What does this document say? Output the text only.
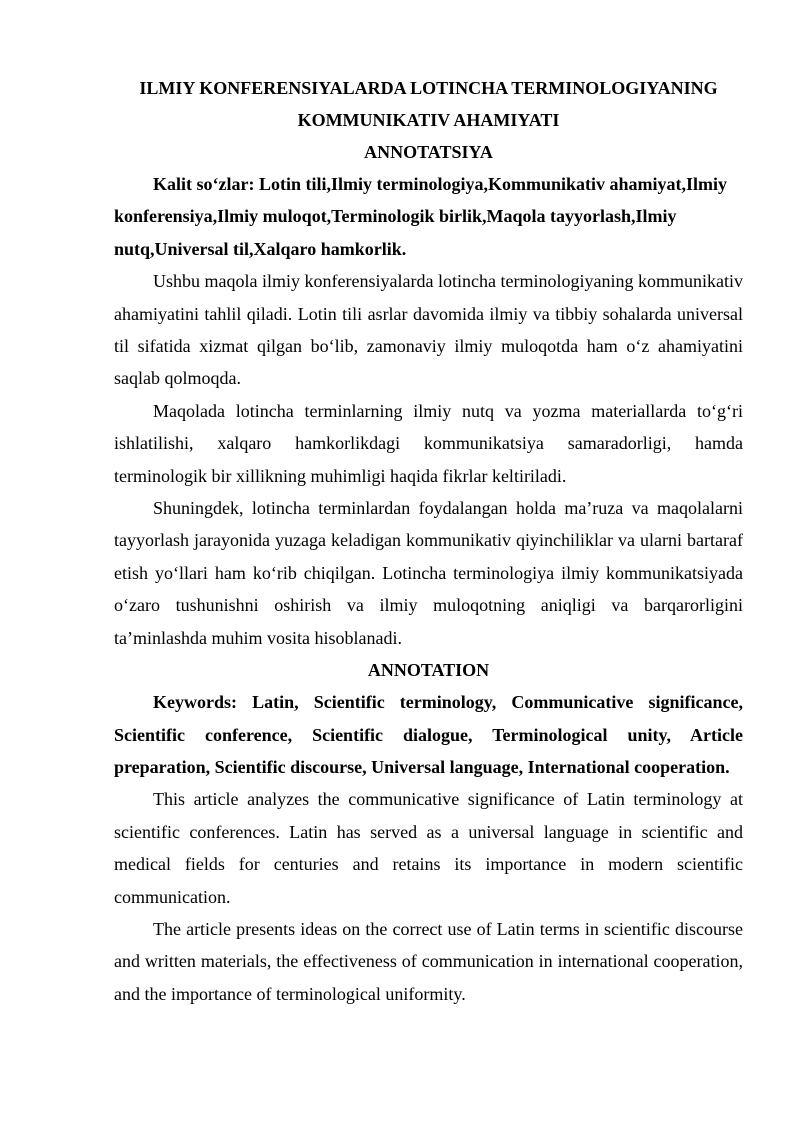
ILMIY KONFERENSIYALARDA LOTINCHA TERMINOLOGIYANING

KOMMUNIKATIV AHAMIYATI

ANNOTATSIYA

Kalit so‘zlar: Lotin tili,Ilmiy terminologiya,Kommunikativ ahamiyat,Ilmiy konferensiya,Ilmiy muloqot,Terminologik birlik,Maqola tayyorlash,Ilmiy nutq,Universal til,Xalqaro hamkorlik.

Ushbu maqola ilmiy konferensiyalarda lotincha terminologiyaning kommunikativ ahamiyatini tahlil qiladi. Lotin tili asrlar davomida ilmiy va tibbiy sohalarda universal til sifatida xizmat qilgan bo‘lib, zamonaviy ilmiy muloqotda ham o‘z ahamiyatini saqlab qolmoqda.

Maqolada lotincha terminlarning ilmiy nutq va yozma materiallarda to‘g‘ri ishlatilishi, xalqaro hamkorlikdagi kommunikatsiya samaradorligi, hamda terminologik bir xillikning muhimligi haqida fikrlar keltiriladi.

Shuningdek, lotincha terminlardan foydalangan holda ma’ruza va maqolalarni tayyorlash jarayonida yuzaga keladigan kommunikativ qiyinchiliklar va ularni bartaraf etish yo‘llari ham ko‘rib chiqilgan. Lotincha terminologiya ilmiy kommunikatsiyada o‘zaro tushunishni oshirish va ilmiy muloqotning aniqligi va barqarorligini ta’minlashda muhim vosita hisoblanadi.

ANNOTATION

Keywords: Latin, Scientific terminology, Communicative significance, Scientific conference, Scientific dialogue, Terminological unity, Article preparation, Scientific discourse, Universal language, International cooperation.

This article analyzes the communicative significance of Latin terminology at scientific conferences. Latin has served as a universal language in scientific and medical fields for centuries and retains its importance in modern scientific communication.

The article presents ideas on the correct use of Latin terms in scientific discourse and written materials, the effectiveness of communication in international cooperation, and the importance of terminological uniformity.
